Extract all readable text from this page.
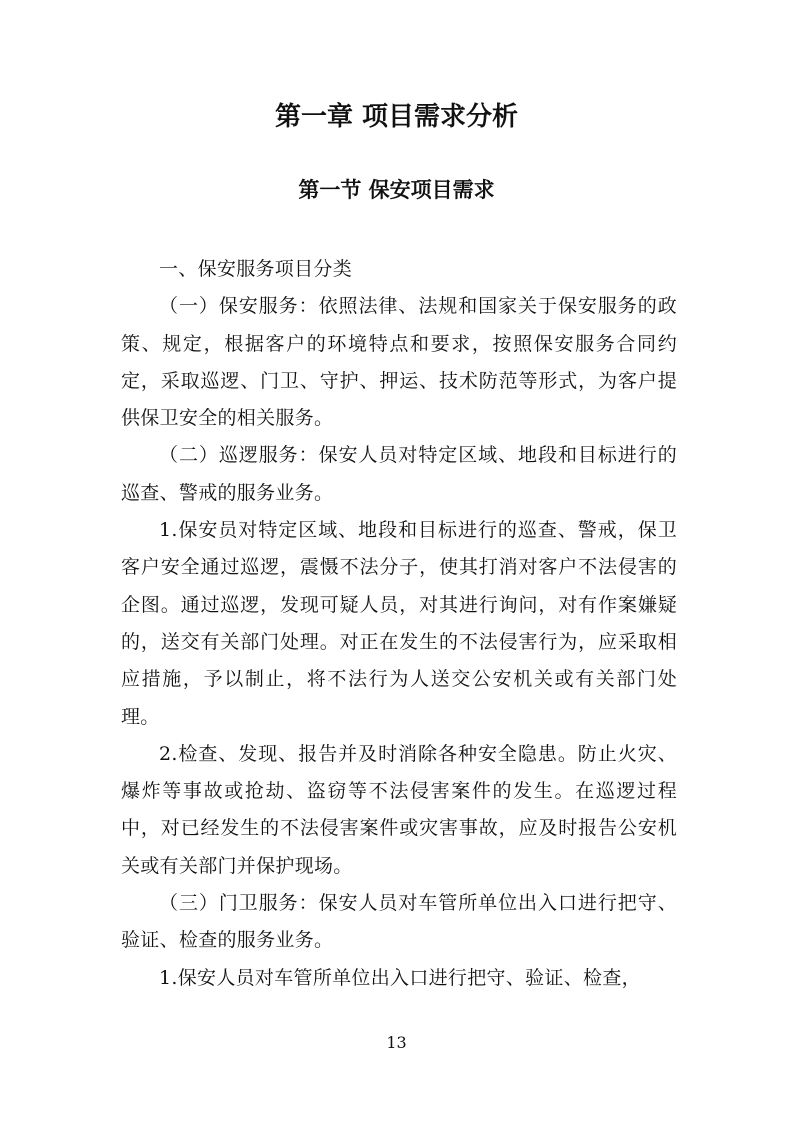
第一章 项目需求分析
第一节 保安项目需求

一、保安服务项目分类

（一）保安服务：依照法律、法规和国家关于保安服务的政策、规定，根据客户的环境特点和要求，按照保安服务合同约定，采取巡逻、门卫、守护、押运、技术防范等形式，为客户提供保卫安全的相关服务。

（二）巡逻服务：保安人员对特定区域、地段和目标进行的巡查、警戒的服务业务。

1.保安员对特定区域、地段和目标进行的巡查、警戒，保卫客户安全通过巡逻，震慑不法分子，使其打消对客户不法侵害的企图。通过巡逻，发现可疑人员，对其进行询问，对有作案嫌疑的，送交有关部门处理。对正在发生的不法侵害行为，应采取相应措施，予以制止，将不法行为人送交公安机关或有关部门处理。

2.检查、发现、报告并及时消除各种安全隐患。防止火灾、爆炸等事故或抢劫、盗窃等不法侵害案件的发生。在巡逻过程中，对已经发生的不法侵害案件或灾害事故，应及时报告公安机关或有关部门并保护现场。

（三）门卫服务：保安人员对车管所单位出入口进行把守、验证、检查的服务业务。

1.保安人员对车管所单位出入口进行把守、验证、检查，

13
